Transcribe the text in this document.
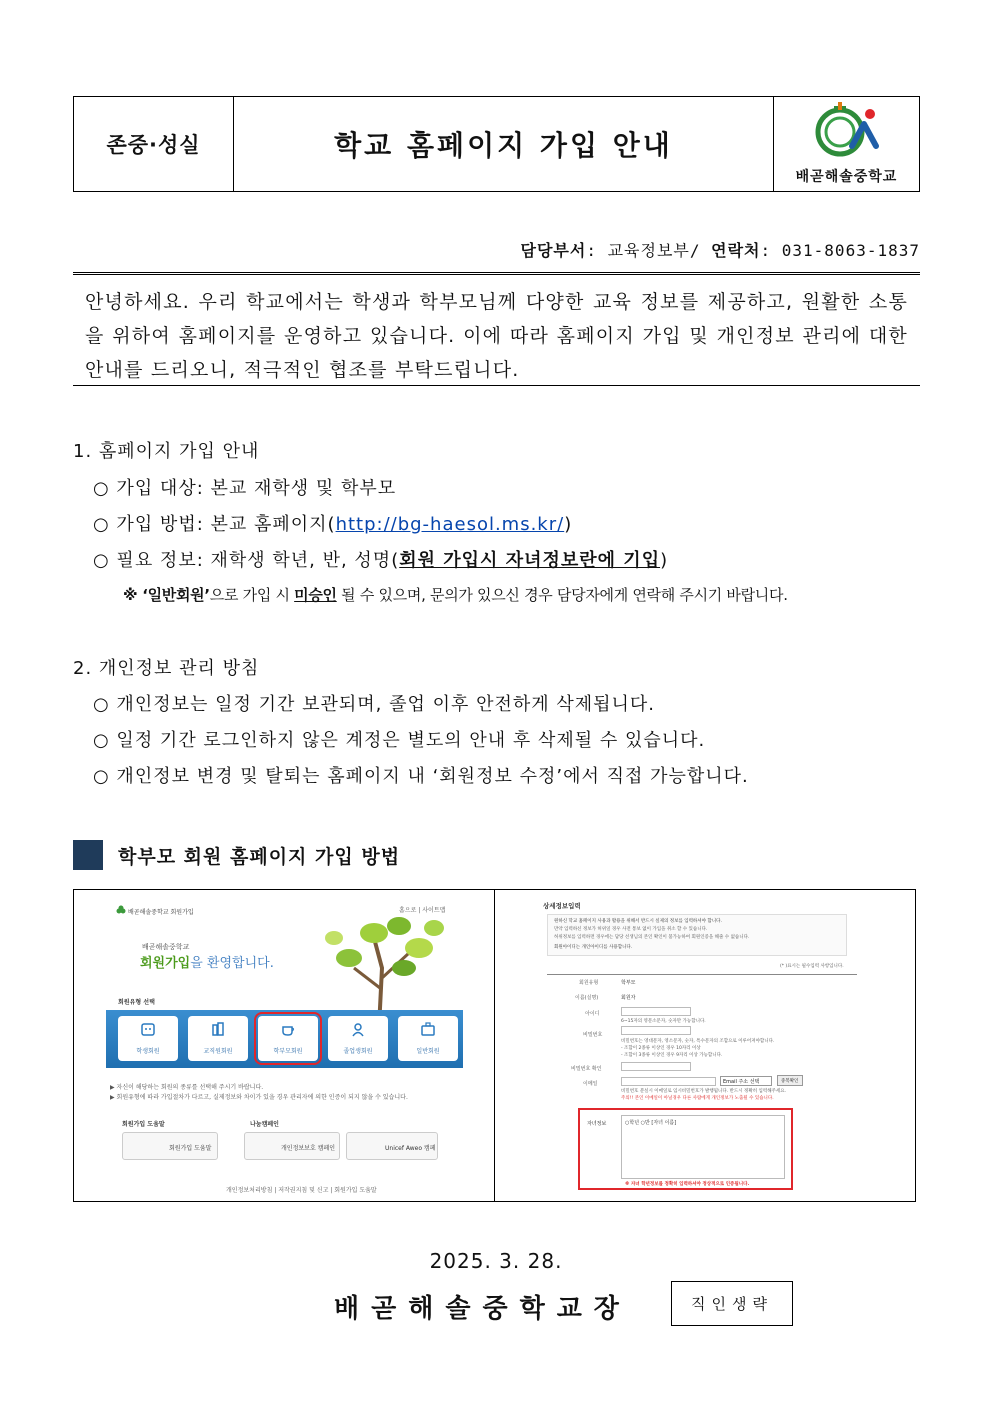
존중·성실	학교 홈페이지 가입 안내
배곧해솔중학교
담당부서: 교육정보부/ 연락처: 031-8063-1837
안녕하세요. 우리 학교에서는 학생과 학부모님께 다양한 교육 정보를 제공하고, 원활한 소통을 위하여 홈페이지를 운영하고 있습니다. 이에 따라 홈페이지 가입 및 개인정보 관리에 대한 안내를 드리오니, 적극적인 협조를 부탁드립니다.
1. 홈페이지 가입 안내
○ 가입 대상: 본교 재학생 및 학부모
○ 가입 방법: 본교 홈페이지(http://bg-haesol.ms.kr/)
○ 필요 정보: 재학생 학년, 반, 성명(회원 가입시 자녀정보란에 기입)
※ ‘일반회원’으로 가입 시 미승인 될 수 있으며, 문의가 있으신 경우 담당자에게 연락해 주시기 바랍니다.
2. 개인정보 관리 방침
○ 개인정보는 일정 기간 보관되며, 졸업 이후 안전하게 삭제됩니다.
○ 일정 기간 로그인하지 않은 계정은 별도의 안내 후 삭제될 수 있습니다.
○ 개인정보 변경 및 탈퇴는 홈페이지 내 ‘회원정보 수정’에서 직접 가능합니다.
학부모 회원 홈페이지 가입 방법
배곧해솔중학교 회원가입	홈으로 | 사이트맵
배곧해솔중학교
회원가입을 환영합니다.
회원유형 선택
학생회원	교직원회원	학부모회원	졸업생회원	일반회원
▶ 자신이 해당하는 회원의 종류를 선택해 주시기 바랍니다.
▶ 회원유형에 따라 가입절차가 다르고, 실제정보와 차이가 있을 경우 관리자에 의한 인증이 되지 않을 수 있습니다.
회원가입 도움말
회원가입 도움말
나눔캠페인
개인정보보호 캠페인	Unicef Aweo 캠페
개인정보처리방침 | 저작권지침 및 신고 | 회원가입 도움말
상세정보입력
원하신 학교 홈페이지 사용과 활용을 위해서 반드시 실제의 정보를 입력하셔야 합니다.
만약 입력하신 정보가 허위일 경우 사전 통보 없이 가입을 취소 할 수 있습니다.
허위정보를 입력하면 경우에는 담당 선생님의 본인 확인이 불가능하여 회원인증을 해줄 수 없습니다.
회원아이디는 개인아이디를 사용합니다.
(* )표시는 필수입력 사항입니다.
회원유형	학부모
이름(실명)	회원자
아이디
6~15자의 영문소문자, 숫자만 가능합니다.
비밀번호
비밀번호는 영대문자, 영소문자, 숫자, 특수문자의 조합으로 이루어져야합니다.
- 조합이 2종류 이상인 경우 10자리 이상
- 조합이 3종류 이상인 경우 9자리 이상 가능합니다.
비밀번호 확인
이메일	Email 주소 선택	중복확인
비밀번호 분실시 이메일로 임시비밀번호가 발행됩니다. 반드시 정확히 입력해주세요.
주의!! 본인 이메일이 아닐경우 다른 사람에게 개인정보가 노출될 수 있습니다.
자녀정보	○학년 ○반 [자녀 이름]
※ 자녀 학년정보를 정확히 입력하셔야 정상적으로 인증됩니다.
2025. 3. 28.
배곧해솔중학교장	직인생략
